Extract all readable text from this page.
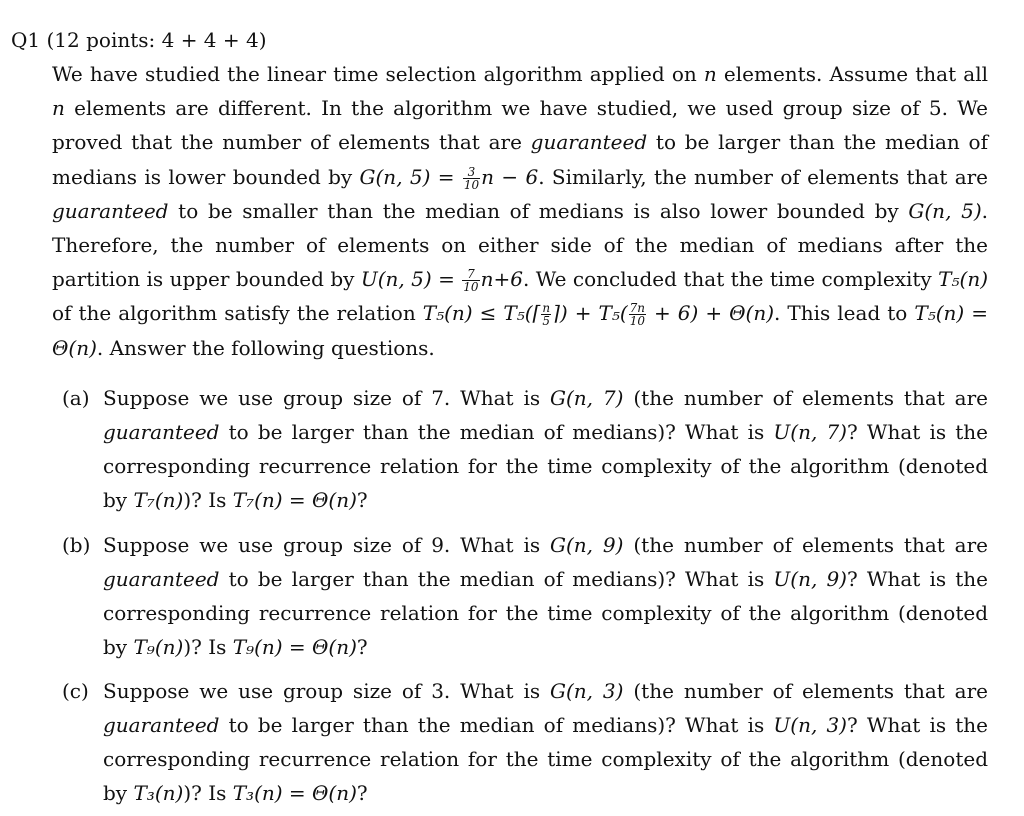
Q1 (12 points: 4 + 4 + 4)
We have studied the linear time selection algorithm applied on n elements. Assume that all n elements are different. In the algorithm we have studied, we used group size of 5. We proved that the number of elements that are guaranteed to be larger than the median of medians is lower bounded by G(n, $5) = \frac{3}{10}$ n − 6. Similarly, the number of elements that are guaranteed to be smaller than the median of medians is also lower bounded by G(n, 5). Therefore, the number of elements on either side of the median of medians after the partition is upper bounded by U(n, $5) = \frac{7}{10} n+6$. We concluded that the time complexity T₅(n) of the algorithm satisfy the relation T₅(n) ≤ T₅(⌈ $\frac{n}{5}$ ⌉) + $T_5( \frac{7n}{10} + 6) + \Theta(n)$. This lead to T₅(n) = Θ(n). Answer the following questions.
(a) Suppose we use group size of 7. What is G(n, 7) (the number of elements that are guaranteed to be larger than the median of medians)? What is U(n, 7)? What is the corresponding recurrence relation for the time complexity of the algorithm (denoted by T₇(n))? Is T₇(n) = Θ(n)?
(b) Suppose we use group size of 9. What is G(n, 9) (the number of elements that are guaranteed to be larger than the median of medians)? What is U(n, 9)? What is the corresponding recurrence relation for the time complexity of the algorithm (denoted by T₉(n))? Is T₉(n) = Θ(n)?
(c) Suppose we use group size of 3. What is G(n, 3) (the number of elements that are guaranteed to be larger than the median of medians)? What is U(n, 3)? What is the corresponding recurrence relation for the time complexity of the algorithm (denoted by T₃(n))? Is T₃(n) = Θ(n)?
